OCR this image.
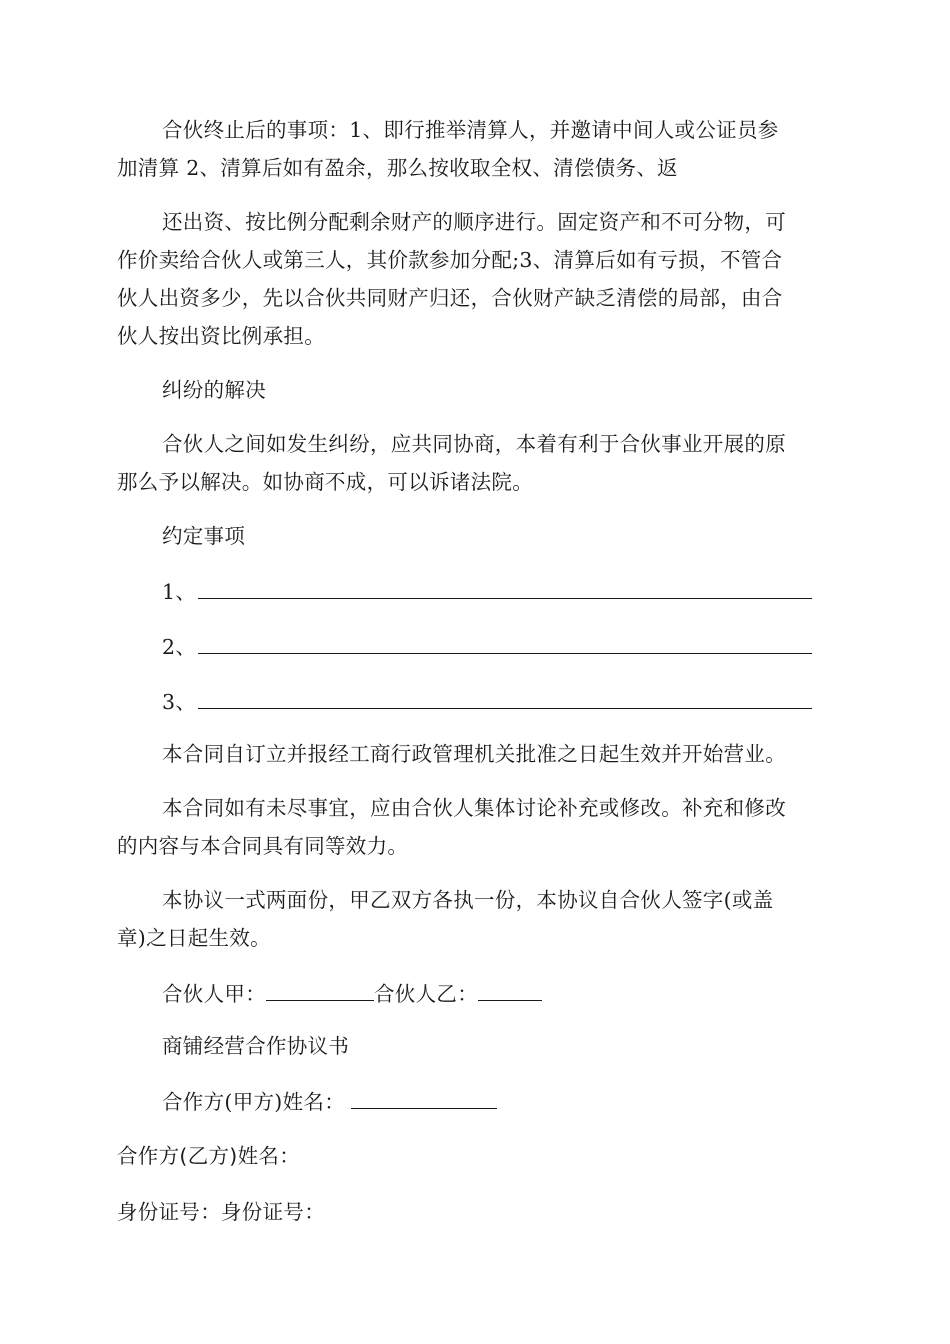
合伙终止后的事项：1、即行推举清算人，并邀请中间人或公证员参
加清算 2、清算后如有盈余，那么按收取全权、清偿债务、返
还出资、按比例分配剩余财产的顺序进行。固定资产和不可分物，可
作价卖给合伙人或第三人，其价款参加分配;3、清算后如有亏损，不管合
伙人出资多少，先以合伙共同财产归还，合伙财产缺乏清偿的局部，由合
伙人按出资比例承担。
纠纷的解决
合伙人之间如发生纠纷，应共同协商，本着有利于合伙事业开展的原
那么予以解决。如协商不成，可以诉诸法院。
约定事项
1、
2、
3、
本合同自订立并报经工商行政管理机关批准之日起生效并开始营业。
本合同如有未尽事宜，应由合伙人集体讨论补充或修改。补充和修改
的内容与本合同具有同等效力。
本协议一式两面份，甲乙双方各执一份，本协议自合伙人签字(或盖
章)之日起生效。
合伙人甲：	合伙人乙：
商铺经营合作协议书
合作方(甲方)姓名：
合作方(乙方)姓名：
身份证号：身份证号：
